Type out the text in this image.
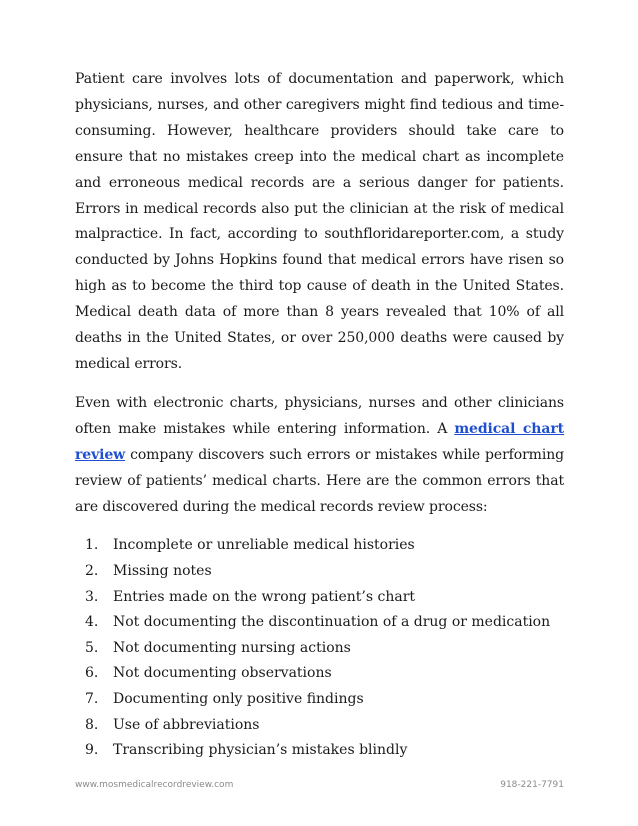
Patient care involves lots of documentation and paperwork, which physicians, nurses, and other caregivers might find tedious and time-consuming. However, healthcare providers should take care to ensure that no mistakes creep into the medical chart as incomplete and erroneous medical records are a serious danger for patients. Errors in medical records also put the clinician at the risk of medical malpractice. In fact, according to southfloridareporter.com, a study conducted by Johns Hopkins found that medical errors have risen so high as to become the third top cause of death in the United States. Medical death data of more than 8 years revealed that 10% of all deaths in the United States, or over 250,000 deaths were caused by medical errors.

Even with electronic charts, physicians, nurses and other clinicians often make mistakes while entering information. A medical chart review company discovers such errors or mistakes while performing review of patients’ medical charts. Here are the common errors that are discovered during the medical records review process:

1.	Incomplete or unreliable medical histories
2.	Missing notes
3.	Entries made on the wrong patient’s chart
4.	Not documenting the discontinuation of a drug or medication
5.	Not documenting nursing actions
6.	Not documenting observations
7.	Documenting only positive findings
8.	Use of abbreviations
9.	Transcribing physician’s mistakes blindly
www.mosmedicalrecordreview.com	918-221-7791
